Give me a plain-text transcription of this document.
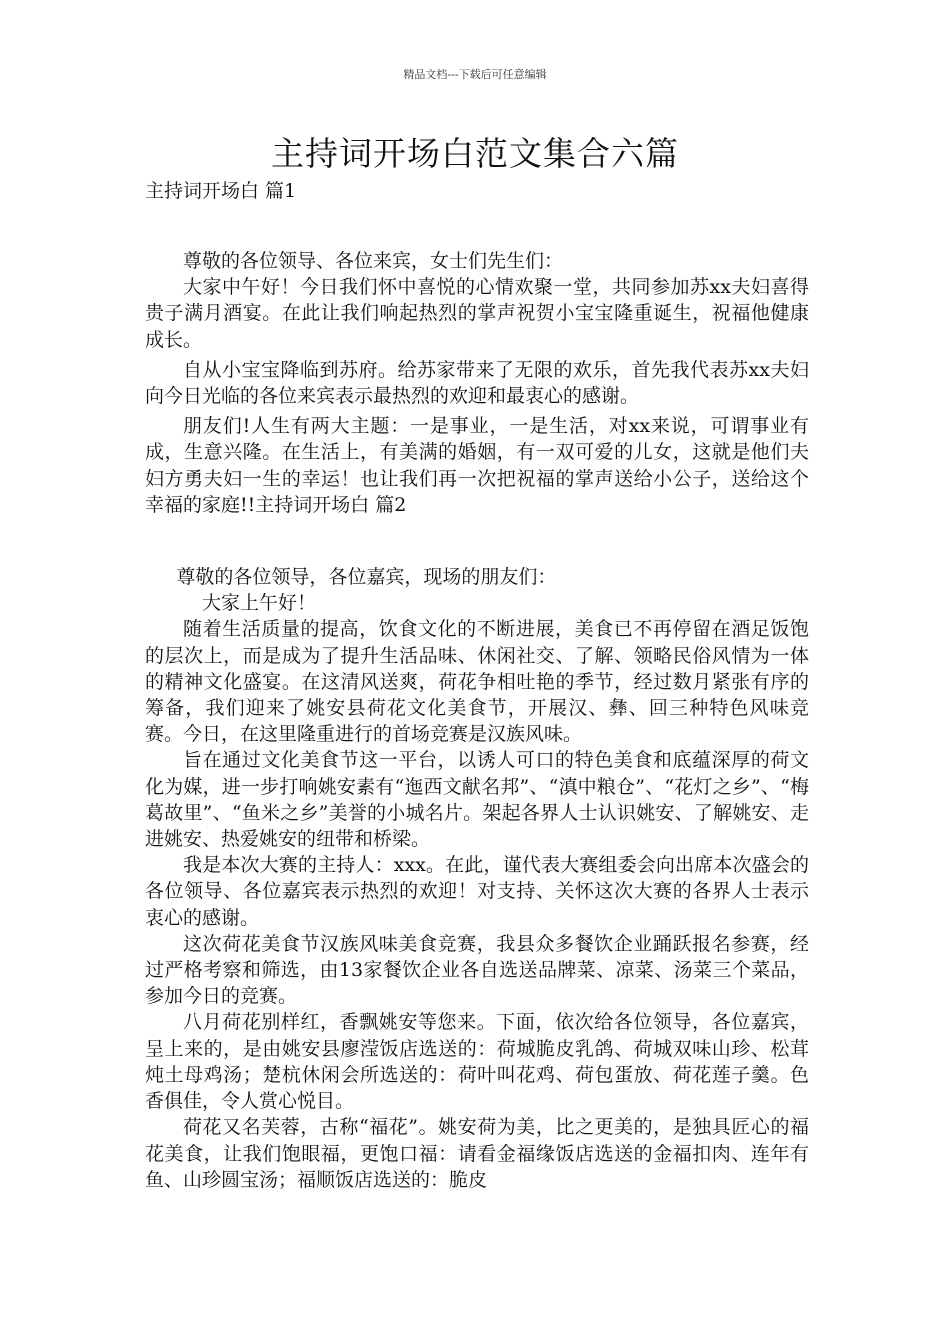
精品文档---下载后可任意编辑
主持词开场白范文集合六篇
主持词开场白 篇1

尊敬的各位领导、各位来宾，女士们先生们：

大家中午好！今日我们怀中喜悦的心情欢聚一堂，共同参加苏xx夫妇喜得贵子满月酒宴。在此让我们响起热烈的掌声祝贺小宝宝隆重诞生，祝福他健康成长。

自从小宝宝降临到苏府。给苏家带来了无限的欢乐，首先我代表苏xx夫妇向今日光临的各位来宾表示最热烈的欢迎和最衷心的感谢。

朋友们!人生有两大主题：一是事业，一是生活，对xx来说，可谓事业有成，生意兴隆。在生活上，有美满的婚姻，有一双可爱的儿女，这就是他们夫妇方勇夫妇一生的幸运！也让我们再一次把祝福的掌声送给小公子，送给这个幸福的家庭!!主持词开场白 篇2

尊敬的各位领导，各位嘉宾，现场的朋友们：

大家上午好！

随着生活质量的提高，饮食文化的不断进展，美食已不再停留在酒足饭饱的层次上，而是成为了提升生活品味、休闲社交、了解、领略民俗风情为一体的精神文化盛宴。在这清风送爽，荷花争相吐艳的季节，经过数月紧张有序的筹备，我们迎来了姚安县荷花文化美食节，开展汉、彝、回三种特色风味竞赛。今日，在这里隆重进行的首场竞赛是汉族风味。

旨在通过文化美食节这一平台，以诱人可口的特色美食和底蕴深厚的荷文化为媒，进一步打响姚安素有“迤西文献名邦”、“滇中粮仓”、“花灯之乡”、“梅葛故里”、“鱼米之乡”美誉的小城名片。架起各界人士认识姚安、了解姚安、走进姚安、热爱姚安的纽带和桥梁。

我是本次大赛的主持人：xxx。在此，谨代表大赛组委会向出席本次盛会的各位领导、各位嘉宾表示热烈的欢迎！对支持、关怀这次大赛的各界人士表示衷心的感谢。

这次荷花美食节汉族风味美食竞赛，我县众多餐饮企业踊跃报名参赛，经过严格考察和筛选，由13家餐饮企业各自选送品牌菜、凉菜、汤菜三个菜品，参加今日的竞赛。

八月荷花别样红，香飘姚安等您来。下面，依次给各位领导，各位嘉宾，呈上来的，是由姚安县廖滢饭店选送的：荷城脆皮乳鸽、荷城双味山珍、松茸炖土母鸡汤；楚杭休闲会所选送的：荷叶叫花鸡、荷包蛋放、荷花莲子羹。色香俱佳，令人赏心悦目。

荷花又名芙蓉，古称“福花”。姚安荷为美，比之更美的，是独具匠心的福花美食，让我们饱眼福，更饱口福：请看金福缘饭店选送的金福扣肉、连年有鱼、山珍圆宝汤；福顺饭店选送的：脆皮
